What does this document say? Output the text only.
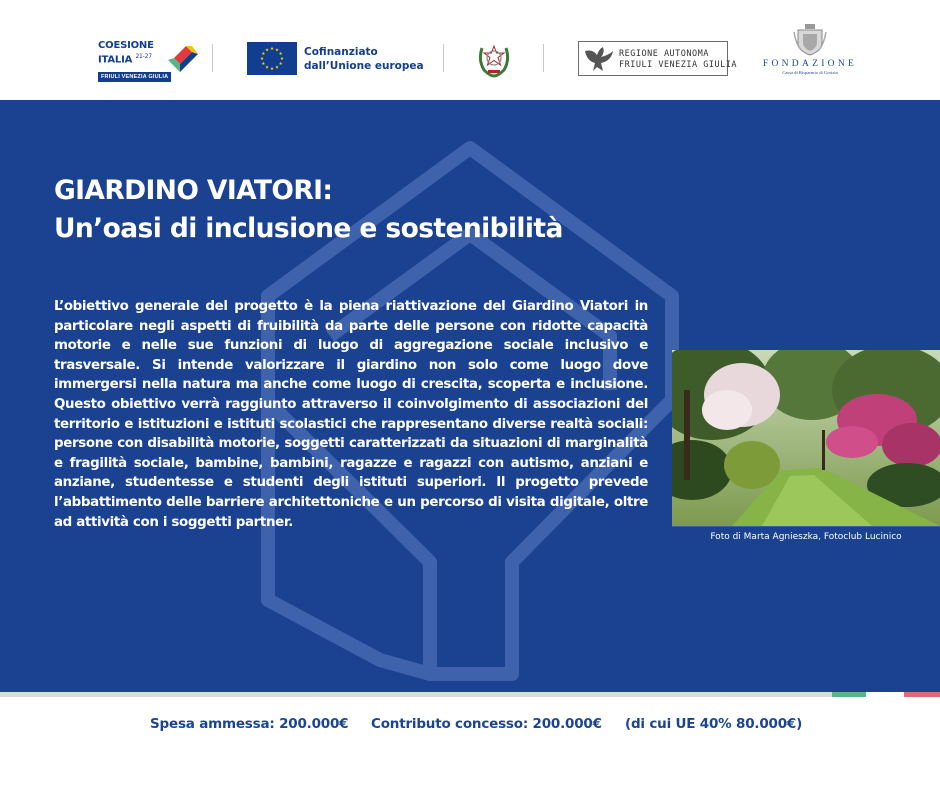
COESIONE
ITALIA $^{21-27}$
FRIULI VENEZIA GIULIA
Cofinanziato
dall’Unione europea
REGIONE AUTONOMA
FRIULI VENEZIA GIULIA	FONDAZIONE
Cassa di Risparmio di Gorizia
GIARDINO VIATORI:
Un’oasi di inclusione e sostenibilità

L’obiettivo generale del progetto è la piena riattivazione del Giardino Viatori in particolare negli aspetti di fruibilità da parte delle persone con ridotte capacità motorie e nelle sue funzioni di luogo di aggregazione sociale inclusivo e trasversale. Si intende valorizzare il giardino non solo come luogo dove immergersi nella natura ma anche come luogo di crescita, scoperta e inclusione. Questo obiettivo verrà raggiunto attraverso il coinvolgimento di associazioni del territorio e istituzioni e istituti scolastici che rappresentano diverse realtà sociali: persone con disabilità motorie, soggetti caratterizzati da situazioni di marginalità e fragilità sociale, bambine, bambini, ragazze e ragazzi con autismo, anziani e anziane, studentesse e studenti degli istituti superiori. Il progetto prevede l’abbattimento delle barriere architettoniche e un percorso di visita digitale, oltre ad attività con i soggetti partner.

Foto di Marta Agnieszka, Fotoclub Lucinico
Spesa ammessa: 200.000€ Contributo concesso: 200.000€ (di cui UE 40% 80.000€)
